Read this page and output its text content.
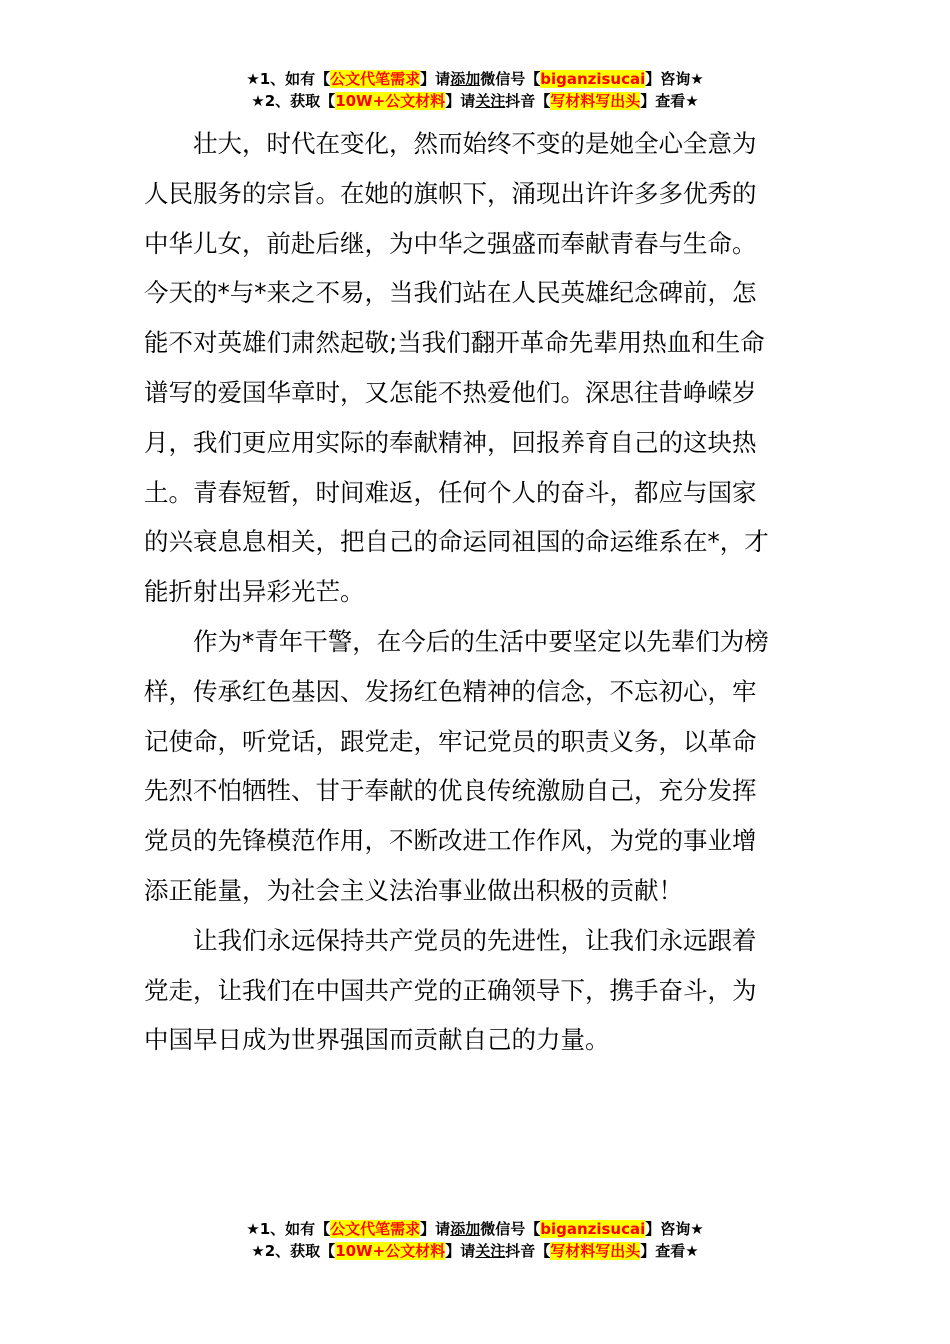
★1、如有【公文代笔需求】请添加微信号【biganzisucai】咨询★
★2、获取【10W+公文材料】请关注抖音【写材料写出头】查看★
壮大，时代在变化，然而始终不变的是她全心全意为
人民服务的宗旨。在她的旗帜下，涌现出许许多多优秀的
中华儿女，前赴后继，为中华之强盛而奉献青春与生命。
今天的*与*来之不易，当我们站在人民英雄纪念碑前，怎
能不对英雄们肃然起敬;当我们翻开革命先辈用热血和生命
谱写的爱国华章时，又怎能不热爱他们。深思往昔峥嵘岁
月，我们更应用实际的奉献精神，回报养育自己的这块热
土。青春短暂，时间难返，任何个人的奋斗，都应与国家
的兴衰息息相关，把自己的命运同祖国的命运维系在*，才
能折射出异彩光芒。
作为*青年干警，在今后的生活中要坚定以先辈们为榜
样，传承红色基因、发扬红色精神的信念，不忘初心，牢
记使命，听党话，跟党走，牢记党员的职责义务，以革命
先烈不怕牺牲、甘于奉献的优良传统激励自己，充分发挥
党员的先锋模范作用，不断改进工作作风，为党的事业增
添正能量，为社会主义法治事业做出积极的贡献！
让我们永远保持共产党员的先进性，让我们永远跟着
党走，让我们在中国共产党的正确领导下，携手奋斗，为
中国早日成为世界强国而贡献自己的力量。
★1、如有【公文代笔需求】请添加微信号【biganzisucai】咨询★
★2、获取【10W+公文材料】请关注抖音【写材料写出头】查看★
